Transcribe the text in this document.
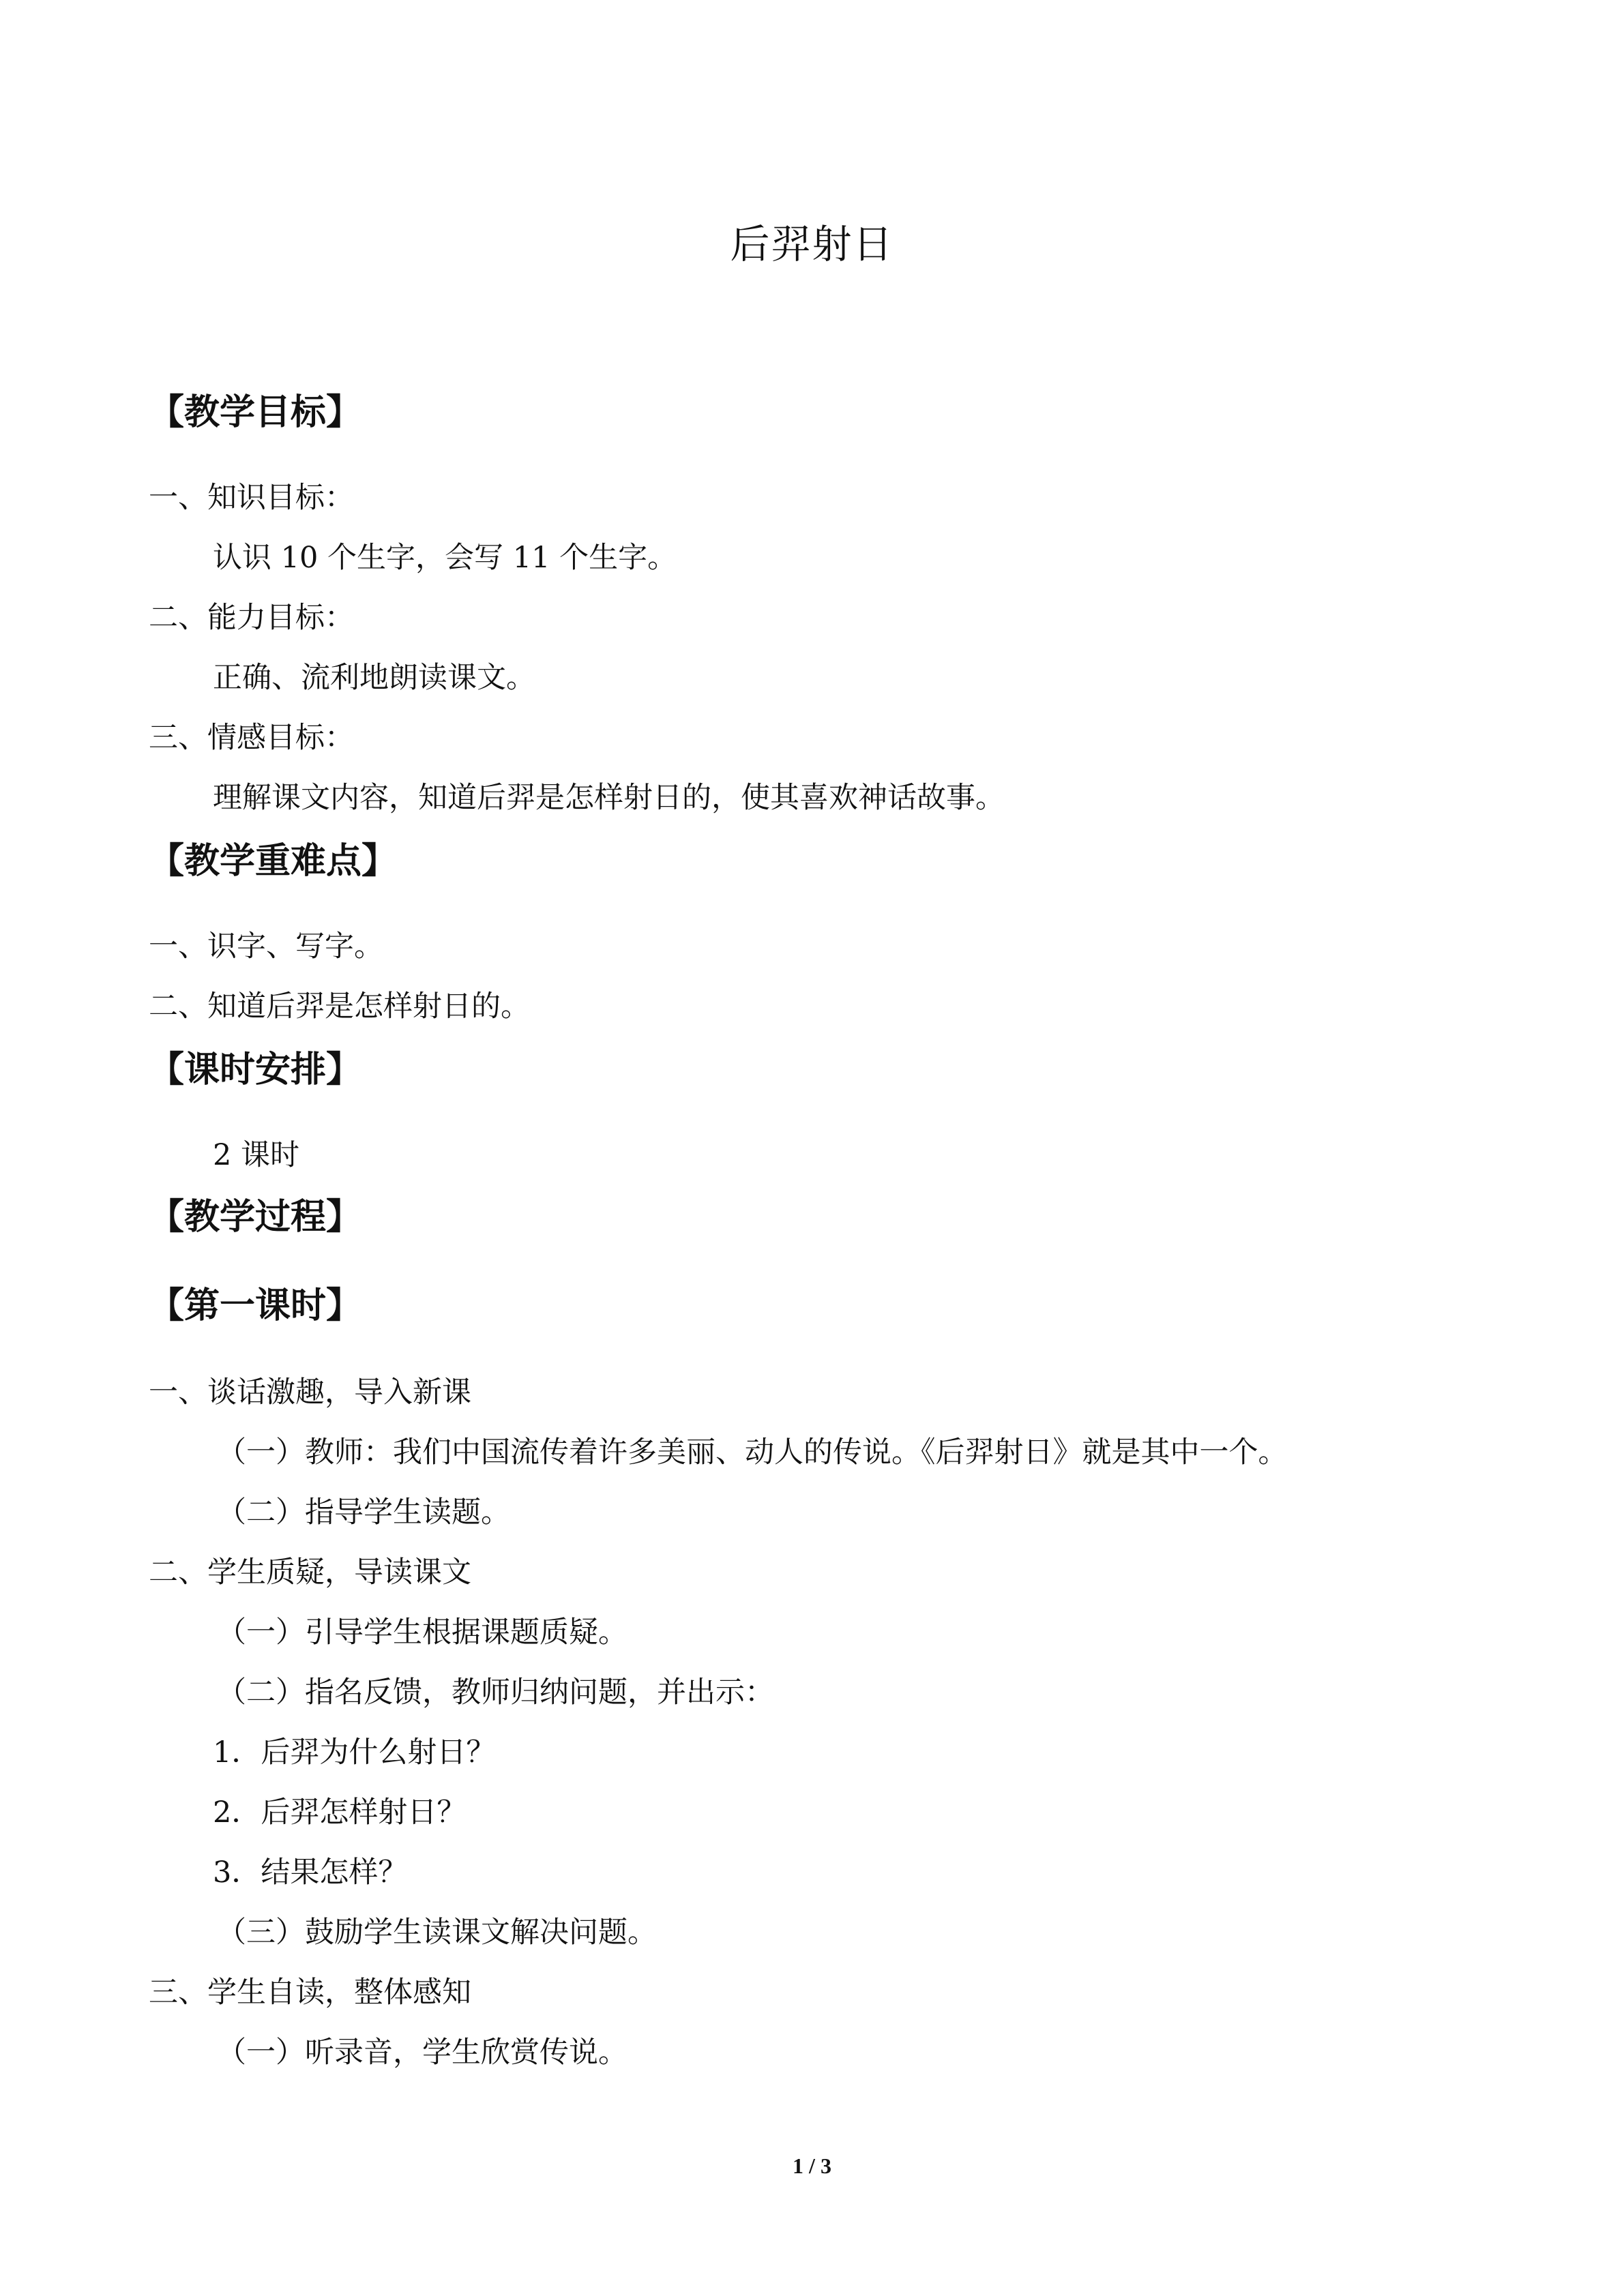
后羿射日
【教学目标】
一、知识目标：
认识 10 个生字，会写 11 个生字。
二、能力目标：
正确、流利地朗读课文。
三、情感目标：
理解课文内容，知道后羿是怎样射日的，使其喜欢神话故事。
【教学重难点】
一、识字、写字。
二、知道后羿是怎样射日的。
【课时安排】
2 课时
【教学过程】
【第一课时】
一、谈话激趣，导入新课
（一）教师：我们中国流传着许多美丽、动人的传说。《后羿射日》就是其中一个。
（二）指导学生读题。
二、学生质疑，导读课文
（一）引导学生根据课题质疑。
（二）指名反馈，教师归纳问题，并出示：
1．后羿为什么射日？
2．后羿怎样射日？
3．结果怎样？
（三）鼓励学生读课文解决问题。
三、学生自读，整体感知
（一）听录音，学生欣赏传说。
1 / 3
